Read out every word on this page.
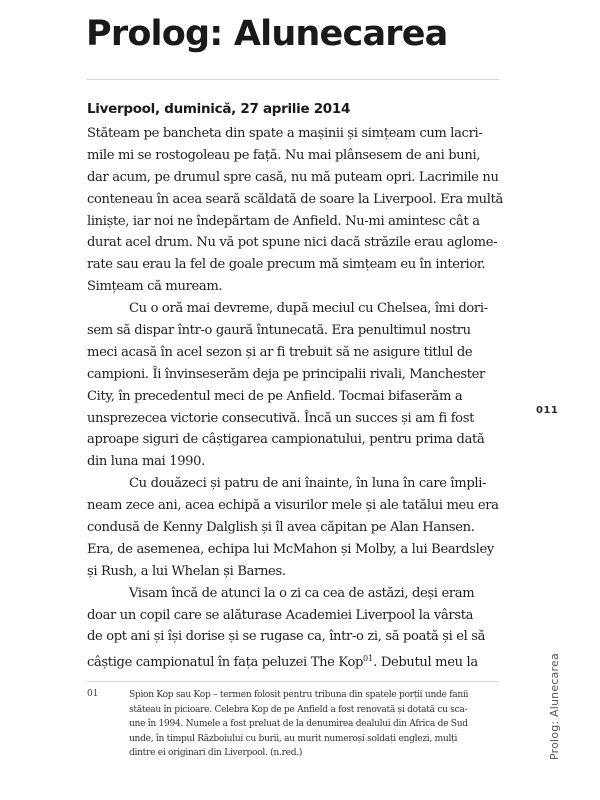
Prolog: Alunecarea
Liverpool, duminică, 27 aprilie 2014
Stăteam pe bancheta din spate a mașinii și simțeam cum lacri-
mile mi se rostogoleau pe față. Nu mai plânsesem de ani buni,
dar acum, pe drumul spre casă, nu mă puteam opri. Lacrimile nu
conteneau în acea seară scăldată de soare la Liverpool. Era multă
liniște, iar noi ne îndepărtam de Anfield. Nu-mi amintesc cât a
durat acel drum. Nu vă pot spune nici dacă străzile erau aglome-
rate sau erau la fel de goale precum mă simțeam eu în interior.
Simțeam că muream.
Cu o oră mai devreme, după meciul cu Chelsea, îmi dori-
sem să dispar într-o gaură întunecată. Era penultimul nostru
meci acasă în acel sezon și ar fi trebuit să ne asigure titlul de
campioni. Îi învinseserăm deja pe principalii rivali, Manchester
City, în precedentul meci de pe Anfield. Tocmai bifaserăm a
unsprezecea victorie consecutivă. Încă un succes și am fi fost
aproape siguri de câștigarea campionatului, pentru prima dată
din luna mai 1990.
Cu douăzeci și patru de ani înainte, în luna în care împli-
neam zece ani, acea echipă a visurilor mele și ale tatălui meu era
condusă de Kenny Dalglish și îl avea căpitan pe Alan Hansen.
Era, de asemenea, echipa lui McMahon și Molby, a lui Beardsley
și Rush, a lui Whelan și Barnes.
Visam încă de atunci la o zi ca cea de astăzi, deși eram
doar un copil care se alăturase Academiei Liverpool la vârsta
de opt ani și își dorise și se rugase ca, într-o zi, să poată și el să
câștige campionatul în fața peluzei The Kop$^{01}$. Debutul meu la
011
01	Spion Kop sau Kop – termen folosit pentru tribuna din spatele porții unde fanii
stăteau în picioare. Celebra Kop de pe Anfield a fost renovată și dotată cu sca-
une în 1994. Numele a fost preluat de la denumirea dealului din Africa de Sud
unde, în timpul Războiului cu burii, au murit numeroși soldați englezi, mulți
dintre ei originari din Liverpool. (n.red.)	Prolog: Alunecarea
